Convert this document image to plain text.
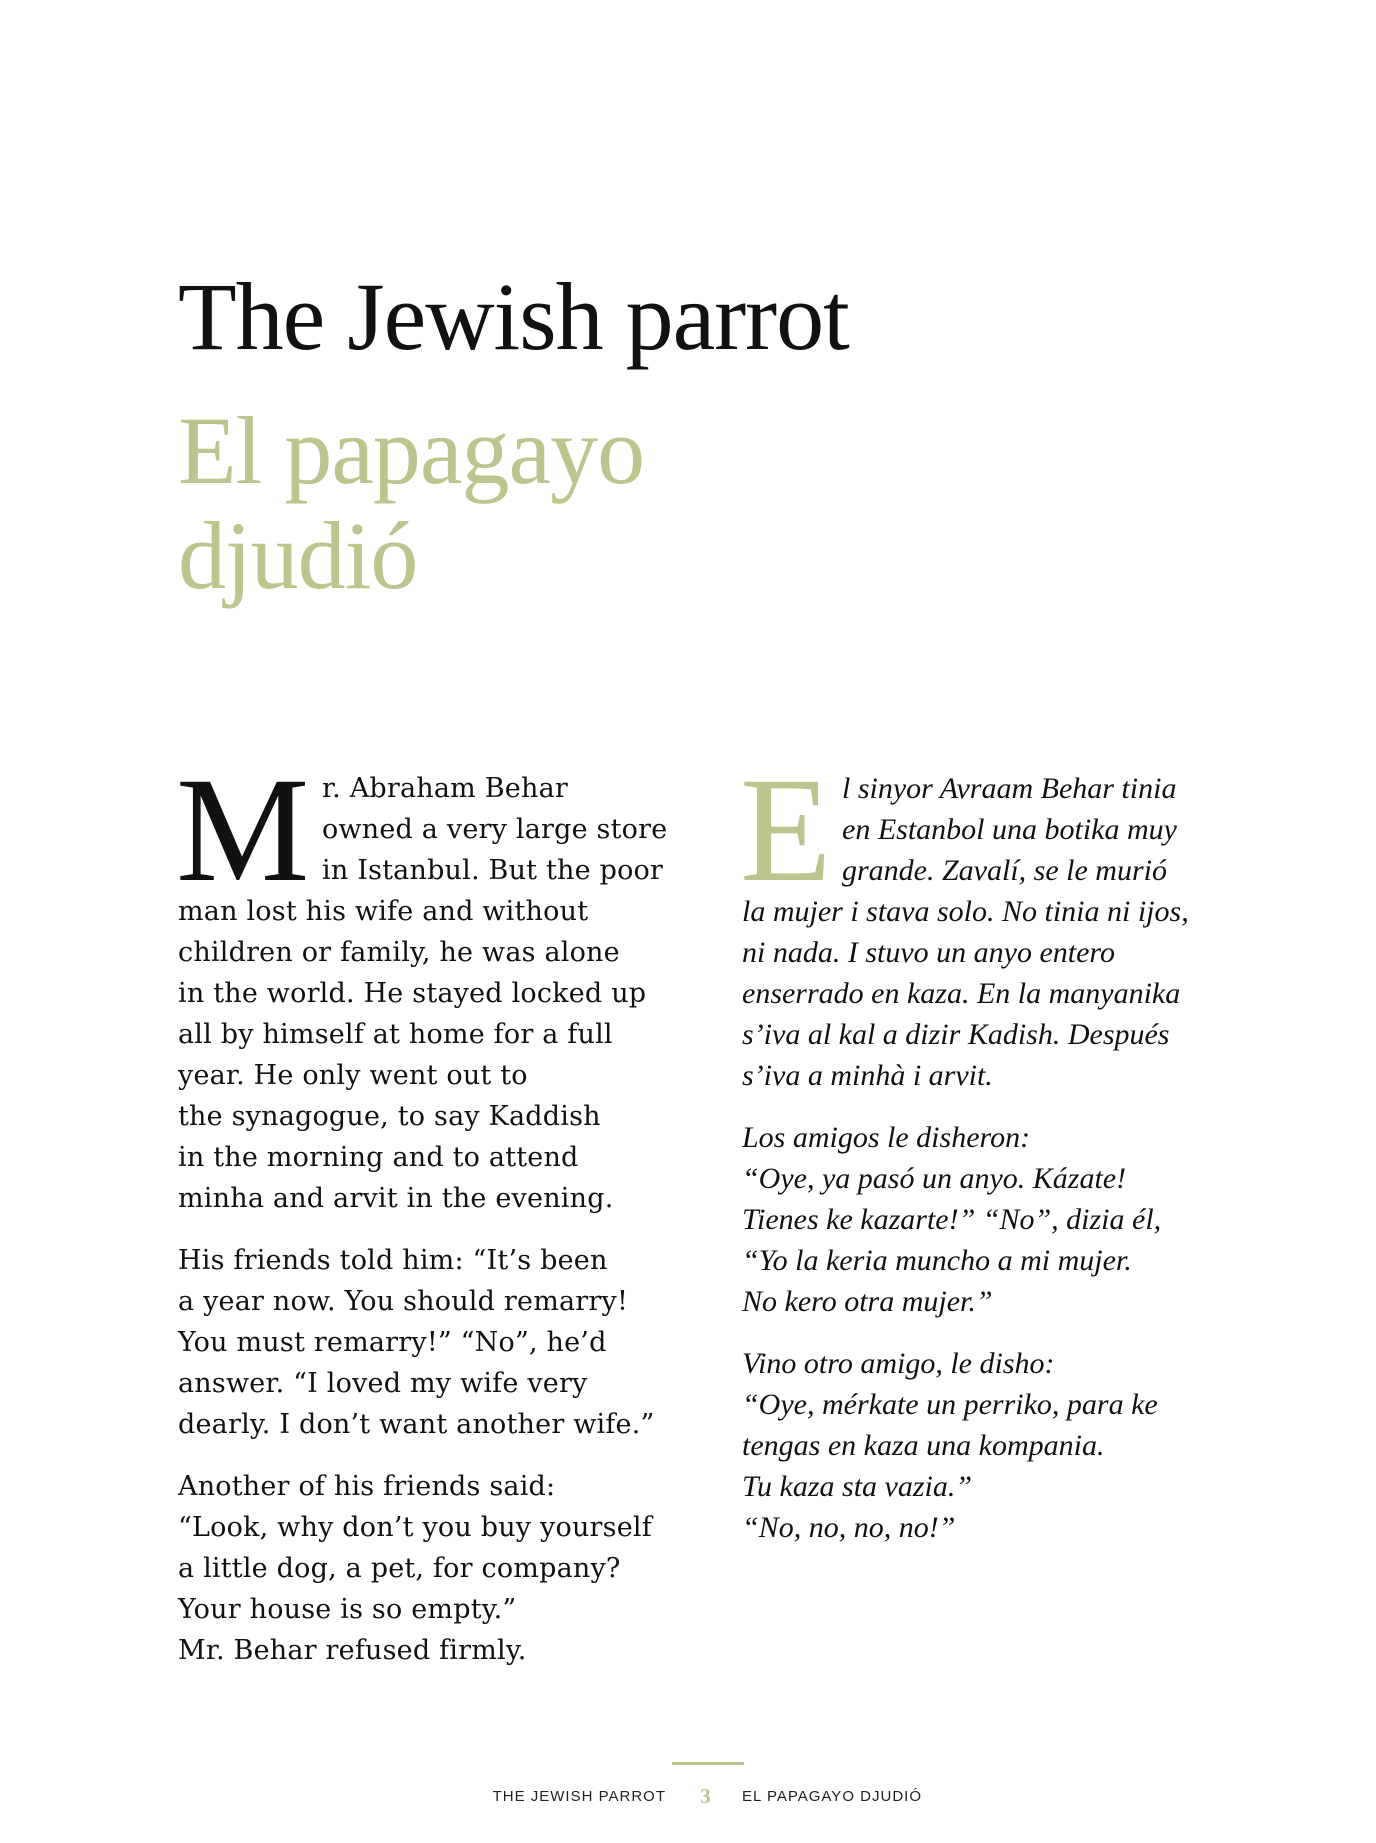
The Jewish parrot
El papagayo djudió

M r. Abraham Behar
owned a very large store
in Istanbul. But the poor
man lost his wife and without
children or family, he was alone
in the world. He stayed locked up
all by himself at home for a full
year. He only went out to
the synagogue, to say Kaddish
in the morning and to attend
minha and arvit in the evening.

His friends told him: “It’s been
a year now. You should remarry!
You must remarry!” “No”, he’d
answer. “I loved my wife very
dearly. I don’t want another wife.”

Another of his friends said:
“Look, why don’t you buy yourself
a little dog, a pet, for company?
Your house is so empty.”
Mr. Behar refused firmly.

E l sinyor Avraam Behar tinia
en Estanbol una botika muy
grande. Zavalí, se le murió
la mujer i stava solo. No tinia ni ijos,
ni nada. I stuvo un anyo entero
enserrado en kaza. En la manyanika
s’iva al kal a dizir Kadish. Después
s’iva a minhà i arvit.

Los amigos le disheron:
“Oye, ya pasó un anyo. Kázate!
Tienes ke kazarte!” “No”, dizia él,
“Yo la keria muncho a mi mujer.
No kero otra mujer.”

Vino otro amigo, le disho:
“Oye, mérkate un perriko, para ke
tengas en kaza una kompania.
Tu kaza sta vazia.”
“No, no, no, no!”

THE JEWISH PARROT 3	EL PAPAGAYO DJUDIÓ
